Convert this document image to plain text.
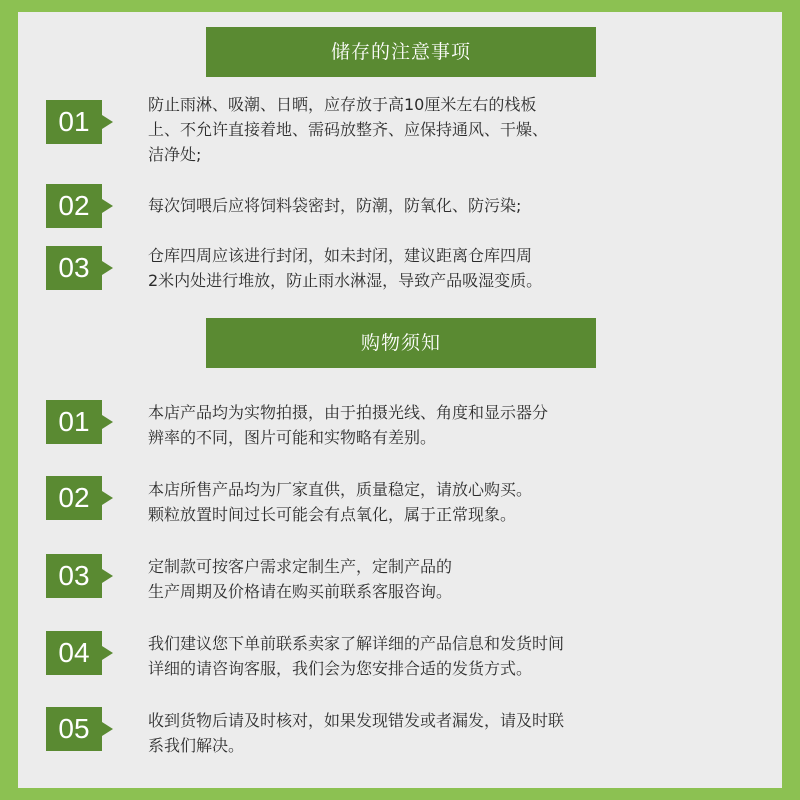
储存的注意事项
01
防止雨淋、吸潮、日晒，应存放于高10厘米左右的栈板
上、不允许直接着地、需码放整齐、应保持通风、干燥、
洁净处;
02	每次饲喂后应将饲料袋密封，防潮，防氧化、防污染;
03	仓库四周应该进行封闭，如未封闭，建议距离仓库四周
2米内处进行堆放，防止雨水淋湿，导致产品吸湿变质。
购物须知
01	本店产品均为实物拍摄，由于拍摄光线、角度和显示器分
辨率的不同，图片可能和实物略有差别。
02	本店所售产品均为厂家直供，质量稳定，请放心购买。
颗粒放置时间过长可能会有点氧化，属于正常现象。
03	定制款可按客户需求定制生产，定制产品的
生产周期及价格请在购买前联系客服咨询。
04	我们建议您下单前联系卖家了解详细的产品信息和发货时间
详细的请咨询客服，我们会为您安排合适的发货方式。
05	收到货物后请及时核对，如果发现错发或者漏发，请及时联
系我们解决。
